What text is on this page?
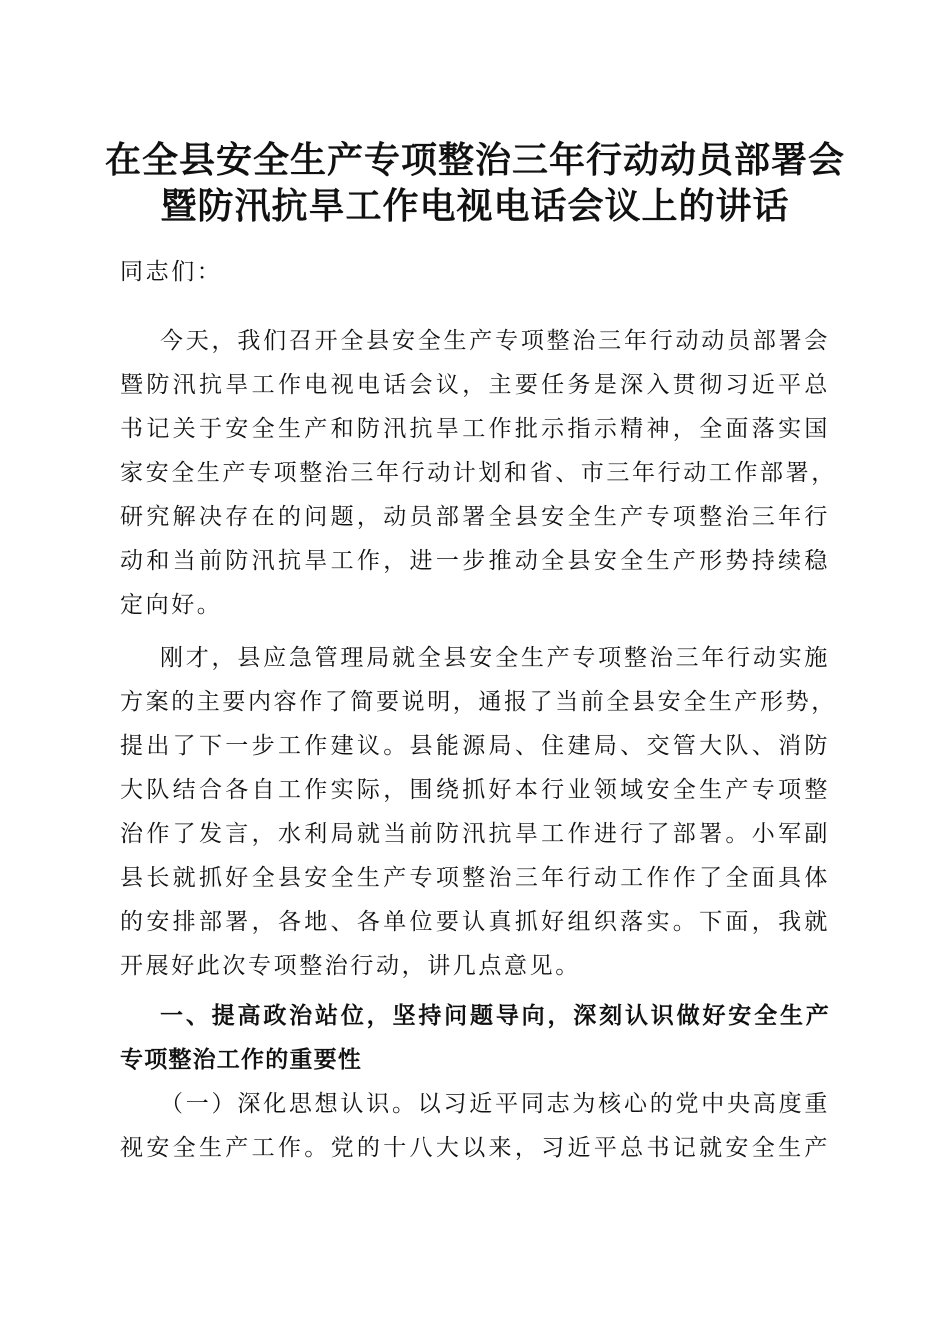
在全县安全生产专项整治三年行动动员部署会
暨防汛抗旱工作电视电话会议上的讲话
同志们：
今天，我们召开全县安全生产专项整治三年行动动员部署会
暨防汛抗旱工作电视电话会议，主要任务是深入贯彻习近平总
书记关于安全生产和防汛抗旱工作批示指示精神，全面落实国
家安全生产专项整治三年行动计划和省、市三年行动工作部署，
研究解决存在的问题，动员部署全县安全生产专项整治三年行
动和当前防汛抗旱工作，进一步推动全县安全生产形势持续稳
定向好。
刚才，县应急管理局就全县安全生产专项整治三年行动实施
方案的主要内容作了简要说明，通报了当前全县安全生产形势，
提出了下一步工作建议。县能源局、住建局、交管大队、消防
大队结合各自工作实际，围绕抓好本行业领域安全生产专项整
治作了发言，水利局就当前防汛抗旱工作进行了部署。小军副
县长就抓好全县安全生产专项整治三年行动工作作了全面具体
的安排部署，各地、各单位要认真抓好组织落实。下面，我就
开展好此次专项整治行动，讲几点意见。
一、提高政治站位，坚持问题导向，深刻认识做好安全生产
专项整治工作的重要性
（一）深化思想认识。以习近平同志为核心的党中央高度重
视安全生产工作。党的十八大以来，习近平总书记就安全生产
